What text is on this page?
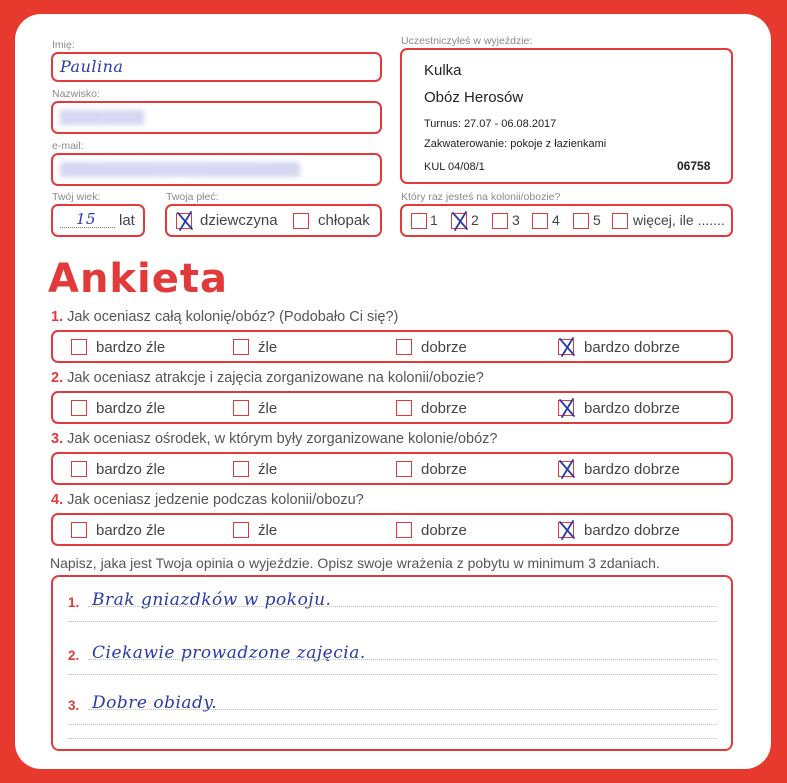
Imię:
Paulina
Nazwisko:
e-mail:
Twój wiek:
15 lat
Twoja płeć:
dziewczyna	chłopak
Uczestniczyłeś w wyjeździe:
Kulka
Obóz Herosów
Turnus: 27.07 - 06.08.2017
Zakwaterowanie: pokoje z łazienkami
KUL 04/08/1	06758
Który raz jesteś na kolonii/obozie?
1 2 3 4 5 więcej, ile .......
Ankieta
1. Jak oceniasz całą kolonię/obóz? (Podobało Ci się?)
bardzo źle	źle	dobrze	bardzo dobrze
2. Jak oceniasz atrakcje i zajęcia zorganizowane na kolonii/obozie?
bardzo źle	źle	dobrze	bardzo dobrze
3. Jak oceniasz ośrodek, w którym były zorganizowane kolonie/obóz?
bardzo źle	źle	dobrze	bardzo dobrze
4. Jak oceniasz jedzenie podczas kolonii/obozu?
bardzo źle	źle	dobrze	bardzo dobrze
Napisz, jaka jest Twoja opinia o wyjeździe. Opisz swoje wrażenia z pobytu w minimum 3 zdaniach.
1. Brak gniazdków w pokoju.
2. Ciekawie prowadzone zajęcia.
3. Dobre obiady.
